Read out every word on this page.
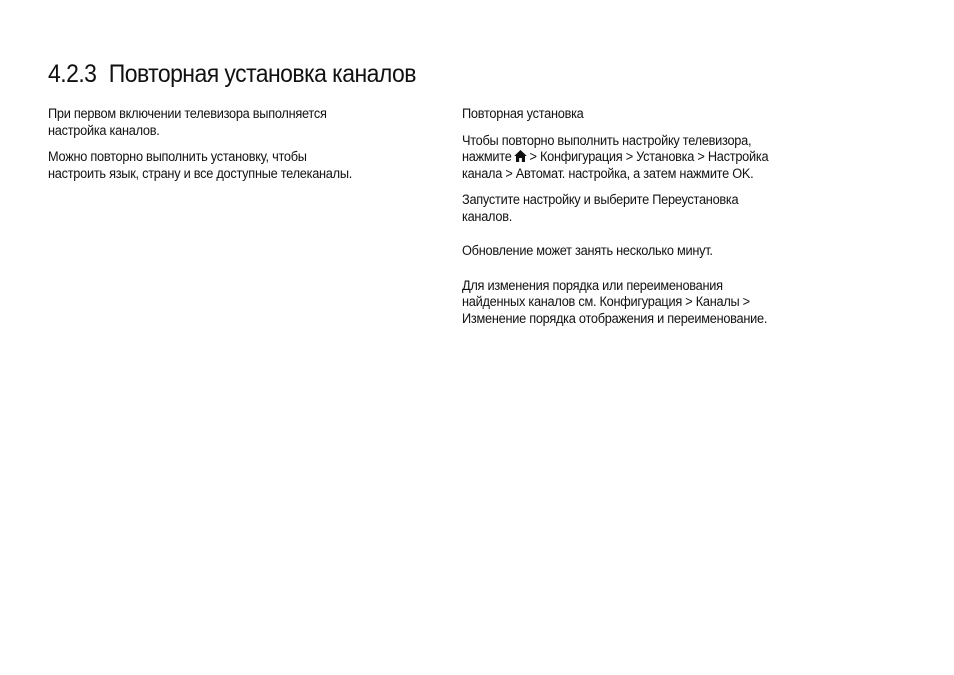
4.2.3 Повторная установка каналов

При первом включении телевизора выполняется
настройка каналов.

Можно повторно выполнить установку, чтобы
настроить язык, страну и все доступные телеканалы.

Повторная установка

Чтобы повторно выполнить настройку телевизора,
нажмите > Конфигурация > Установка > Настройка
канала > Автомат. настройка, а затем нажмите OK.

Запустите настройку и выберите Переустановка
каналов.

Обновление может занять несколько минут.

Для изменения порядка или переименования
найденных каналов см. Конфигурация > Каналы >
Изменение порядка отображения и переименование.
